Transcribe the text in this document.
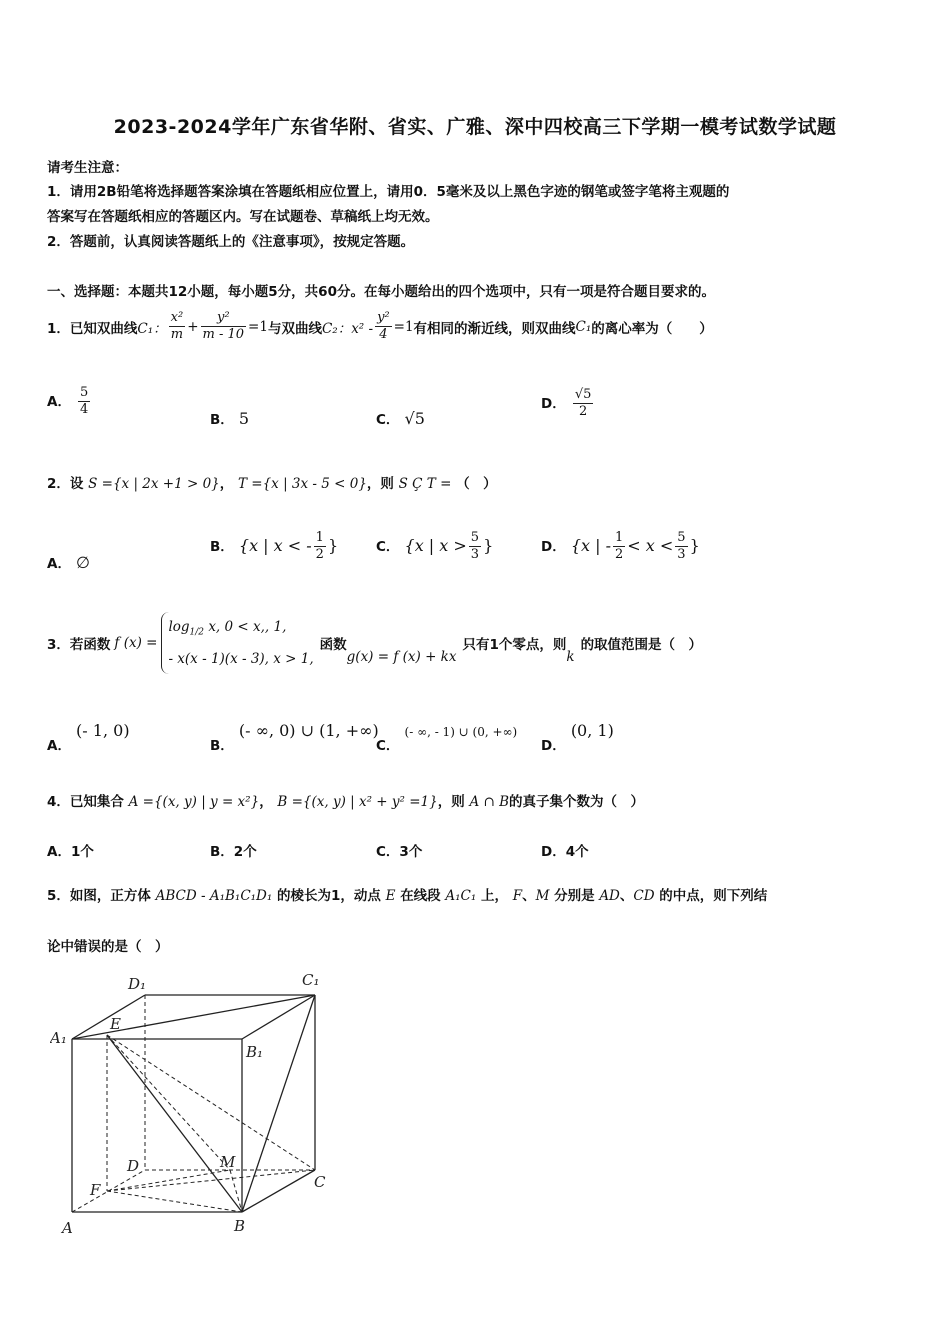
2023-2024学年广东省华附、省实、广雅、深中四校高三下学期一模考试数学试题
请考生注意：
1．请用2B铅笔将选择题答案涂填在答题纸相应位置上，请用0．5毫米及以上黑色字迹的钢笔或签字笔将主观题的
答案写在答题纸相应的答题区内。写在试题卷、草稿纸上均无效。
2．答题前，认真阅读答题纸上的《注意事项》，按规定答题。
一、选择题：本题共12小题，每小题5分，共60分。在每小题给出的四个选项中，只有一项是符合题目要求的。
1．已知双曲线 C₁： $\frac{\text{x²}}{m} + \frac{\text{y²}}{m - 10} =1$ 与双曲线 C₂：$x^2 - \frac{\text{y²}}{4} =1$ 有相同的渐近线，则双曲线 C₁ 的离心率为（　　）
A． $\frac{5}{4}$
B． 5	C． √5
D． $\frac{√5}{2}$
2．设 S ={x | 2x +1 > 0}， T ={x | 3x - 5 < 0}，则 S Ç T = （　）
A． ∅
B． {x | x < - $\frac{1}{2}$ }	C． {x | $x > \frac{5}{3}$ }	D． {x | - $\frac{1}{2} < x < \frac{5}{3}$ }
3．若函数 f (x) =
$\log_{1/2} x$, 0 < x,, 1,
- x(x - 1)(x - 3), x > 1,
函数
g(x) = f (x) + kx
只有1个零点，则
k
的取值范围是（　）
$_{A.}$ (- 1, 0)
$_{B.}$ (- ∞, 0) ∪ (1, +∞)
$_{C.}$ (- ∞, - 1) ∪ (0, +∞)
$_{D.}$ (0, 1)
4．已知集合 A ={(x, y) | y = x²}， B ={(x, y) | x² + y² =1}，则 A ∩ B的真子集个数为（　）
A．1个	B．2个	C．3个	D．4个
5．如图，正方体 ABCD - A₁B₁C₁D₁ 的棱长为1，动点 E 在线段 A₁C₁ 上， F、M 分别是 AD、CD 的中点，则下列结
论中错误的是（　）
D₁	C₁
A₁
E
B₁
D	M
F	C
A	B
